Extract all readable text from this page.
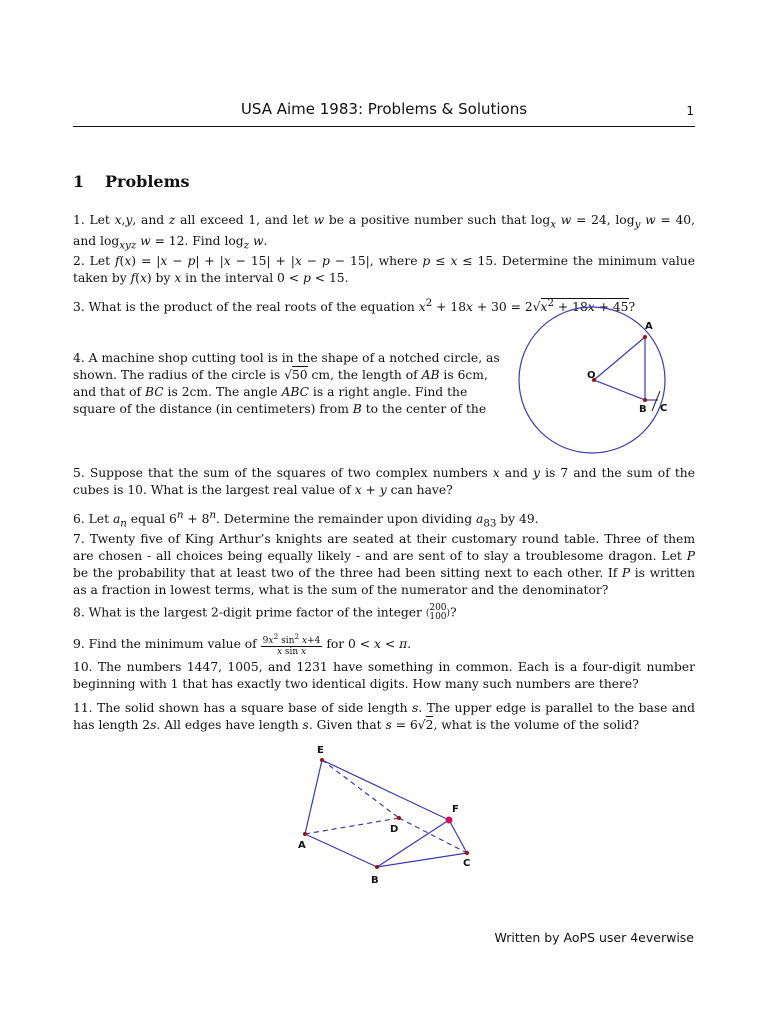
USA Aime 1983: Problems & Solutions	1
1 Problems
1. Let x,y, and z all exceed 1, and let w be a positive number such that $\log_x w = 24$, $\log_y w = 40$, and $\log_{xyz} w = 12$. Find $\log_z w$.
2. Let f(x) = |x − p| + |x − 15| + |x − p − 15|, where p ≤ x ≤ 15. Determine the minimum value taken by f(x) by x in the interval 0 < p < 15.
3. What is the product of the real roots of the equation $x^2 + 18x + 30 = 2√x^2 + 18x + 45$?
4. A machine shop cutting tool is in the shape of a notched circle, as shown. The radius of the circle is √50 cm, the length of AB is 6cm, and that of BC is 2cm. The angle ABC is a right angle. Find the square of the distance (in centimeters) from B to the center of the
A
O
B C
5. Suppose that the sum of the squares of two complex numbers x and y is 7 and the sum of the cubes is 10. What is the largest real value of x + y can have?
6. Let $a_n$ equal $6^n + 8^n$. Determine the remainder upon dividing $a_{83}$ by 49.
7. Twenty five of King Arthur’s knights are seated at their customary round table. Three of them are chosen - all choices being equally likely - and are sent of to slay a troublesome dragon. Let P be the probability that at least two of the three had been sitting next to each other. If P is written as a fraction in lowest terms, what is the sum of the numerator and the denominator?
8. What is the largest 2-digit prime factor of the integer (
200
100 )?
9. Find the minimum value of $\frac{9x^2 \sin^2 x+4}{\text{x sin x}}$ for 0 < x < π.
10. The numbers 1447, 1005, and 1231 have something in common. Each is a four-digit number beginning with 1 that has exactly two identical digits. How many such numbers are there?
11. The solid shown has a square base of side length s. The upper edge is parallel to the base and has length 2s. All edges have length s. Given that s = 6√2, what is the volume of the solid?
E
F
D
A
B
C
Written by AoPS user 4everwise
